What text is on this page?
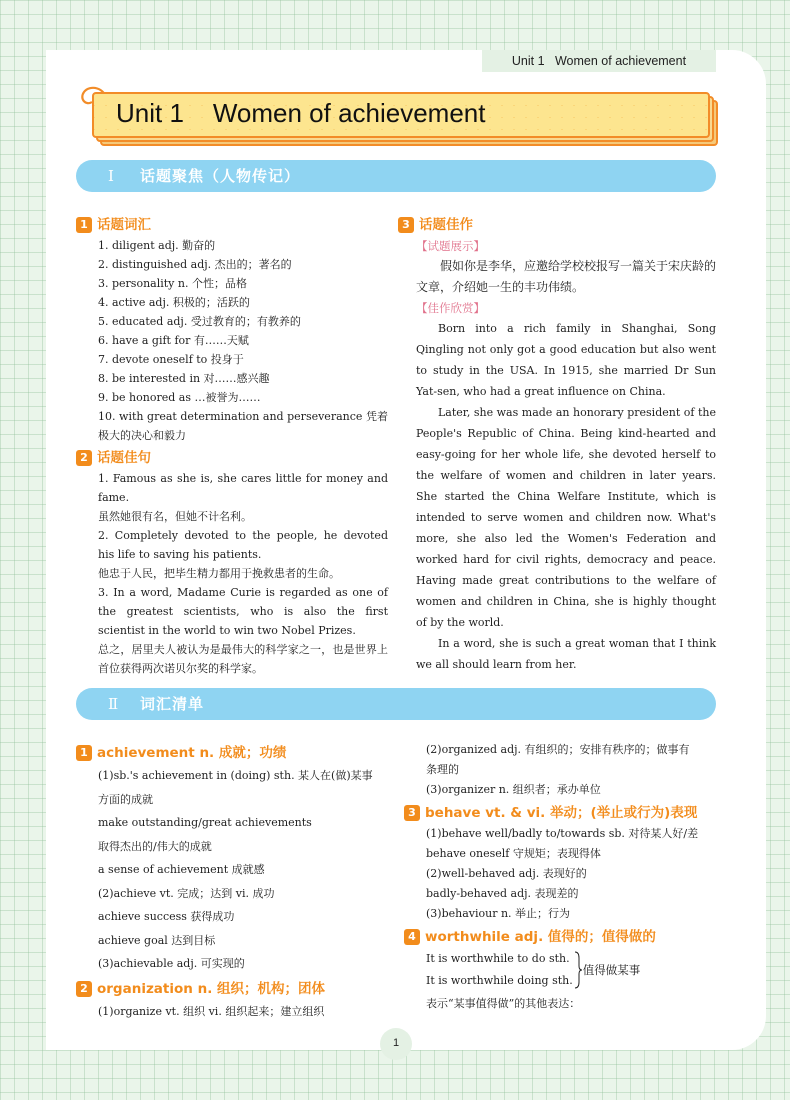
Unit 1   Women of achievement
Unit 1 Women of achievement
Ⅰ 话题聚焦（人物传记）
1 话题词汇
1. diligent adj. 勤奋的
2. distinguished adj. 杰出的；著名的
3. personality n. 个性；品格
4. active adj. 积极的；活跃的
5. educated adj. 受过教育的；有教养的
6. have a gift for 有……天赋
7. devote oneself to 投身于
8. be interested in 对……感兴趣
9. be honored as …被誉为……
10. with great determination and perseverance 凭着极大的决心和毅力
2 话题佳句
1. Famous as she is, she cares little for money and fame.
虽然她很有名，但她不计名利。
2. Completely devoted to the people, he devoted his life to saving his patients.
他忠于人民，把毕生精力都用于挽救患者的生命。
3. In a word, Madame Curie is regarded as one of the greatest scientists, who is also the first scientist in the world to win two Nobel Prizes.
总之，居里夫人被认为是最伟大的科学家之一，也是世界上首位获得两次诺贝尔奖的科学家。
3 话题佳作
【试题展示】
假如你是李华，应邀给学校校报写一篇关于宋庆龄的文章，介绍她一生的丰功伟绩。
【佳作欣赏】
Born into a rich family in Shanghai, Song Qingling not only got a good education but also went to study in the USA. In 1915, she married Dr Sun Yat-sen, who had a great influence on China.
Later, she was made an honorary president of the People's Republic of China. Being kind-hearted and easy-going for her whole life, she devoted herself to the welfare of women and children in later years. She started the China Welfare Institute, which is intended to serve women and children now. What's more, she also led the Women's Federation and worked hard for civil rights, democracy and peace. Having made great contributions to the welfare of women and children in China, she is highly thought of by the world.
In a word, she is such a great woman that I think we all should learn from her.
Ⅱ 词汇清单
1 achievement n. 成就；功绩
(1)sb.'s achievement in (doing) sth. 某人在(做)某事
方面的成就
make outstanding/great achievements
取得杰出的/伟大的成就
a sense of achievement 成就感
(2)achieve vt. 完成；达到 vi. 成功
achieve success 获得成功
achieve goal 达到目标
(3)achievable adj. 可实现的
2 organization n. 组织；机构；团体
(1)organize vt. 组织 vi. 组织起来；建立组织
(2)organized adj. 有组织的；安排有秩序的；做事有
条理的
(3)organizer n. 组织者；承办单位
3 behave vt. & vi. 举动；(举止或行为)表现
(1)behave well/badly to/towards sb. 对待某人好/差
behave oneself 守规矩；表现得体
(2)well-behaved adj. 表现好的
badly-behaved adj. 表现差的
(3)behaviour n. 举止；行为
4 worthwhile adj. 值得的；值得做的
It is worthwhile to do sth.
It is worthwhile doing sth.
值得做某事
表示“某事值得做”的其他表达：
1
